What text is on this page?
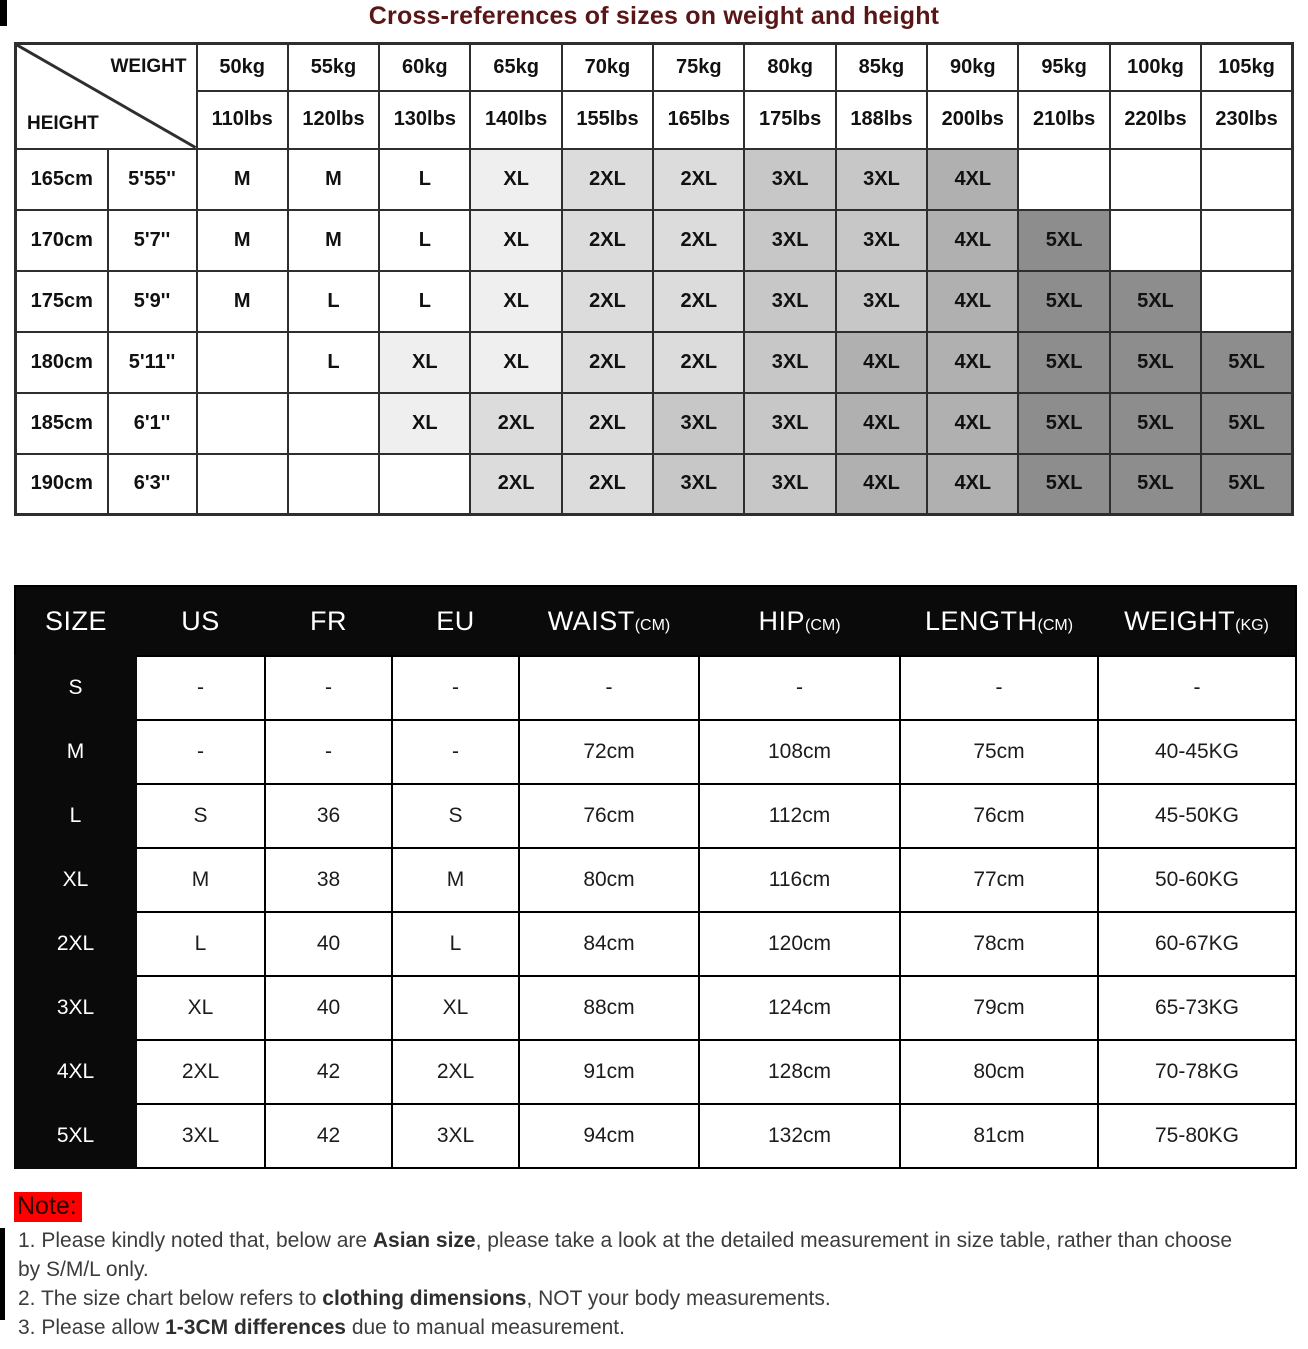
Cross-references of sizes on weight and height
WEIGHT
HEIGHT		50kg	55kg	60kg	65kg	70kg	75kg	80kg	85kg	90kg	95kg	100kg	105kg
		110lbs	120lbs	130lbs	140lbs	155lbs	165lbs	175lbs	188lbs	200lbs	210lbs	220lbs	230lbs
165cm	5'55''	M	M	L	XL	2XL	2XL	3XL	3XL	4XL			
170cm	5'7''	M	M	L	XL	2XL	2XL	3XL	3XL	4XL	5XL		
175cm	5'9''	M	L	L	XL	2XL	2XL	3XL	3XL	4XL	5XL	5XL	
180cm	5'11''		L	XL	XL	2XL	2XL	3XL	4XL	4XL	5XL	5XL	5XL
185cm	6'1''			XL	2XL	2XL	3XL	3XL	4XL	4XL	5XL	5XL	5XL
190cm	6'3''				2XL	2XL	3XL	3XL	4XL	4XL	5XL	5XL	5XL
SIZE	US	FR	EU	WAIST(CM)	HIP(CM)	LENGTH(CM)	WEIGHT(KG)
S	-	-	-	-	-	-	-
M	-	-	-	72cm	108cm	75cm	40-45KG
L	S	36	S	76cm	112cm	76cm	45-50KG
XL	M	38	M	80cm	116cm	77cm	50-60KG
2XL	L	40	L	84cm	120cm	78cm	60-67KG
3XL	XL	40	XL	88cm	124cm	79cm	65-73KG
4XL	2XL	42	2XL	91cm	128cm	80cm	70-78KG
5XL	3XL	42	3XL	94cm	132cm	81cm	75-80KG
Note:
1. Please kindly noted that, below are Asian size, please take a look at the detailed measurement in size table, rather than choose
by S/M/L only.
2. The size chart below refers to clothing dimensions, NOT your body measurements.
3. Please allow 1-3CM differences due to manual measurement.
